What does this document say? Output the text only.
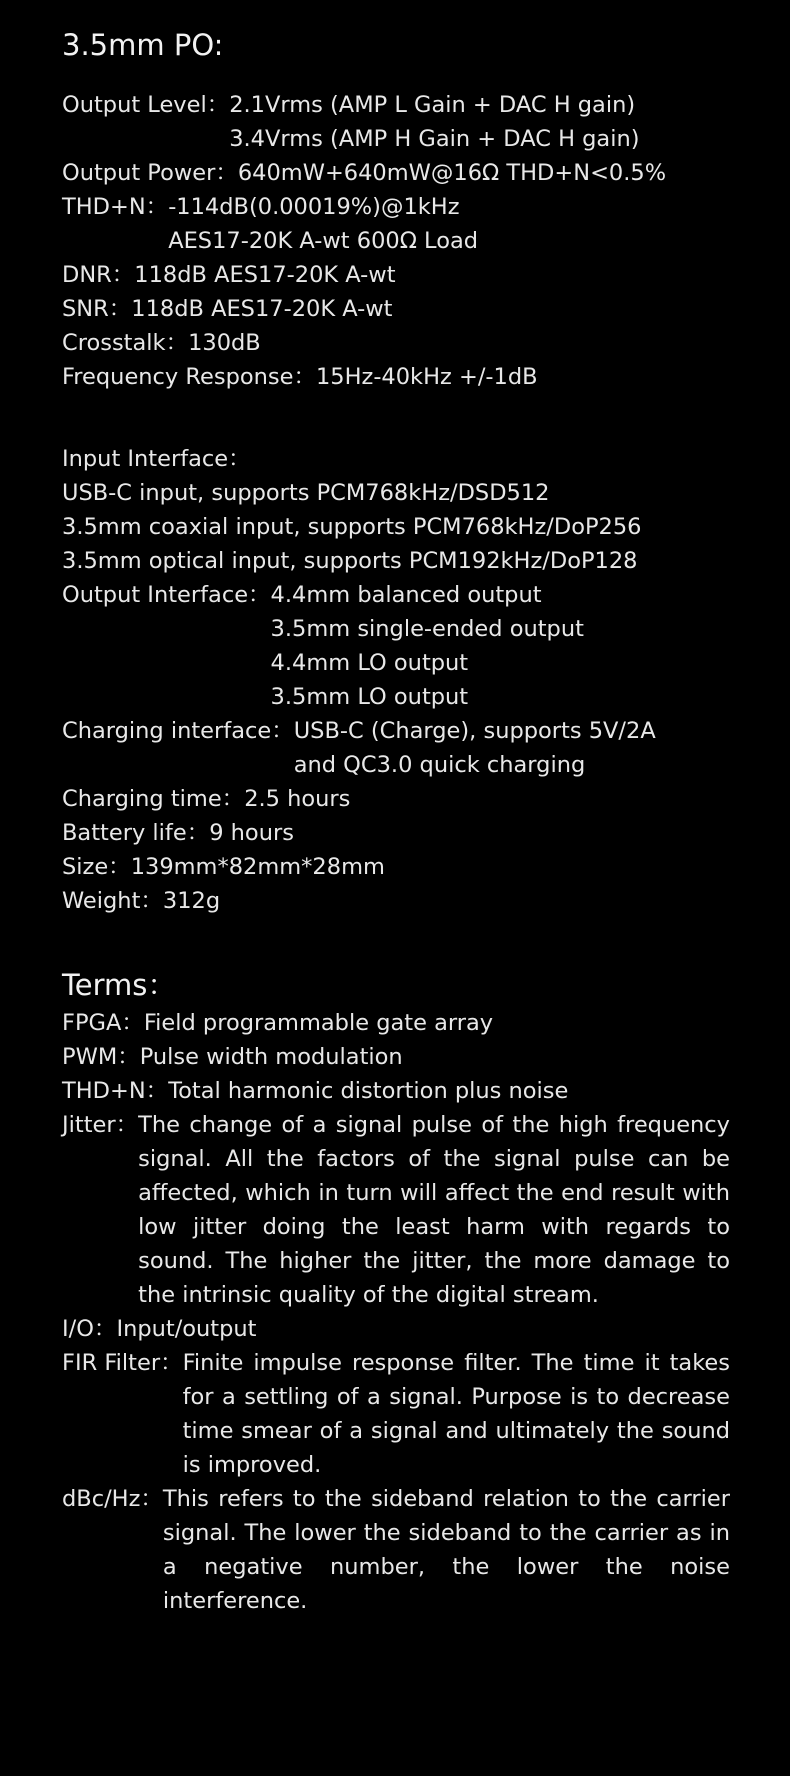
3.5mm PO:
Output Level： 2.1Vrms (AMP L Gain + DAC H gain)
3.4Vrms (AMP H Gain + DAC H gain)
Output Power： 640mW+640mW@16Ω THD+N<0.5%
THD+N： -114dB(0.00019%)@1kHz
AES17-20K A-wt 600Ω Load
DNR： 118dB AES17-20K A-wt
SNR： 118dB AES17-20K A-wt
Crosstalk： 130dB
Frequency Response： 15Hz-40kHz +/-1dB
Input Interface：
USB-C input, supports PCM768kHz/DSD512
3.5mm coaxial input, supports PCM768kHz/DoP256
3.5mm optical input, supports PCM192kHz/DoP128
Output Interface： 4.4mm balanced output
3.5mm single-ended output
4.4mm LO output
3.5mm LO output
Charging interface： USB-C (Charge), supports 5V/2A
and QC3.0 quick charging
Charging time： 2.5 hours
Battery life： 9 hours
Size： 139mm*82mm*28mm
Weight： 312g
Terms：
FPGA： Field programmable gate array
PWM： Pulse width modulation
THD+N： Total harmonic distortion plus noise
Jitter： The change of a signal pulse of the high frequency signal. All the factors of the signal pulse can be affected, which in turn will affect the end result with low jitter doing the least harm with regards to sound. The higher the jitter, the more damage to the intrinsic quality of the digital stream.
I/O： Input/output
FIR Filter： Finite impulse response filter. The time it takes for a settling of a signal. Purpose is to decrease time smear of a signal and ultimately the sound is improved.
dBc/Hz： This refers to the sideband relation to the carrier signal. The lower the sideband to the carrier as in a negative number, the lower the noise interference.
